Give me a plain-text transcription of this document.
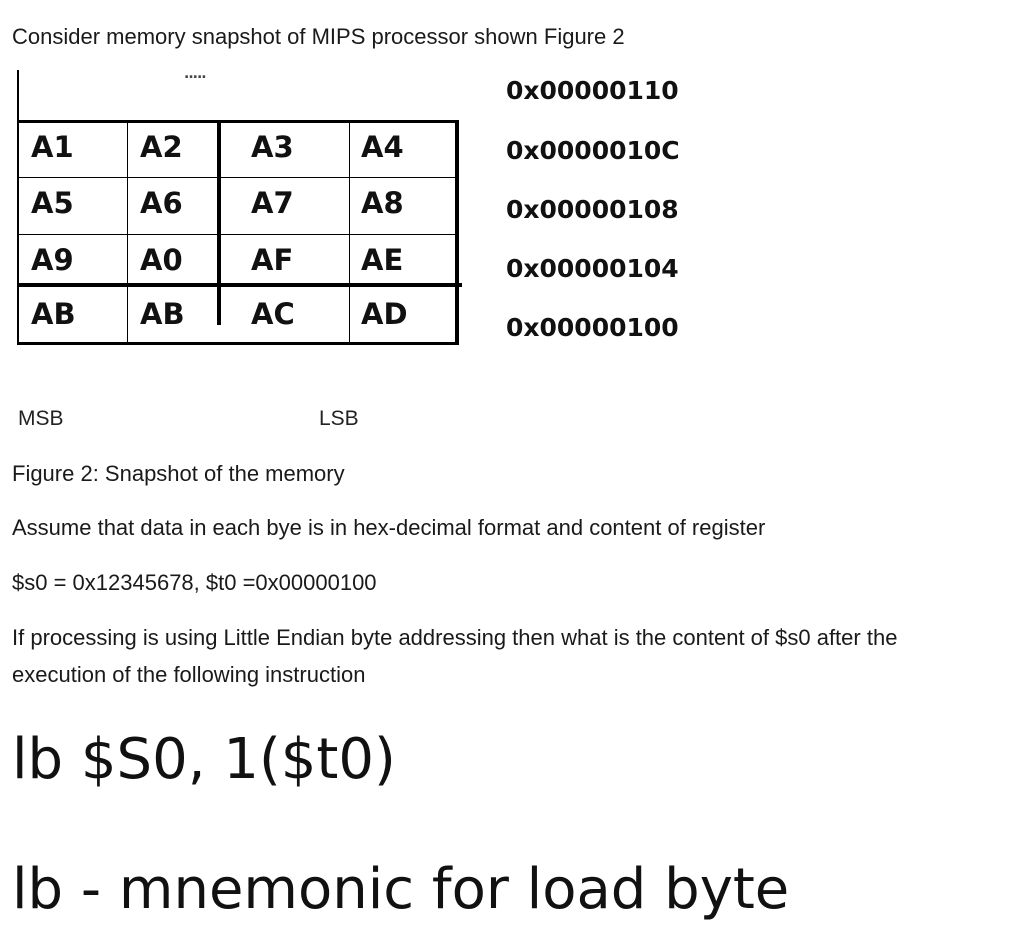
Consider memory snapshot of MIPS processor shown Figure 2
.....
A1 A2 A3 A4
A5 A6 A7 A8
A9 A0 AF AE
AB AB AC AD
0x00000110
0x0000010C
0x00000108
0x00000104
0x00000100
MSB	LSB
Figure 2: Snapshot of the memory
Assume that data in each bye is in hex-decimal format and content of register
$s0 = 0x12345678, $t0 =0x00000100
If processing is using Little Endian byte addressing then what is the content of $s0 after the
execution of the following instruction
lb $S0, 1($t0)
lb - mnemonic for load byte
